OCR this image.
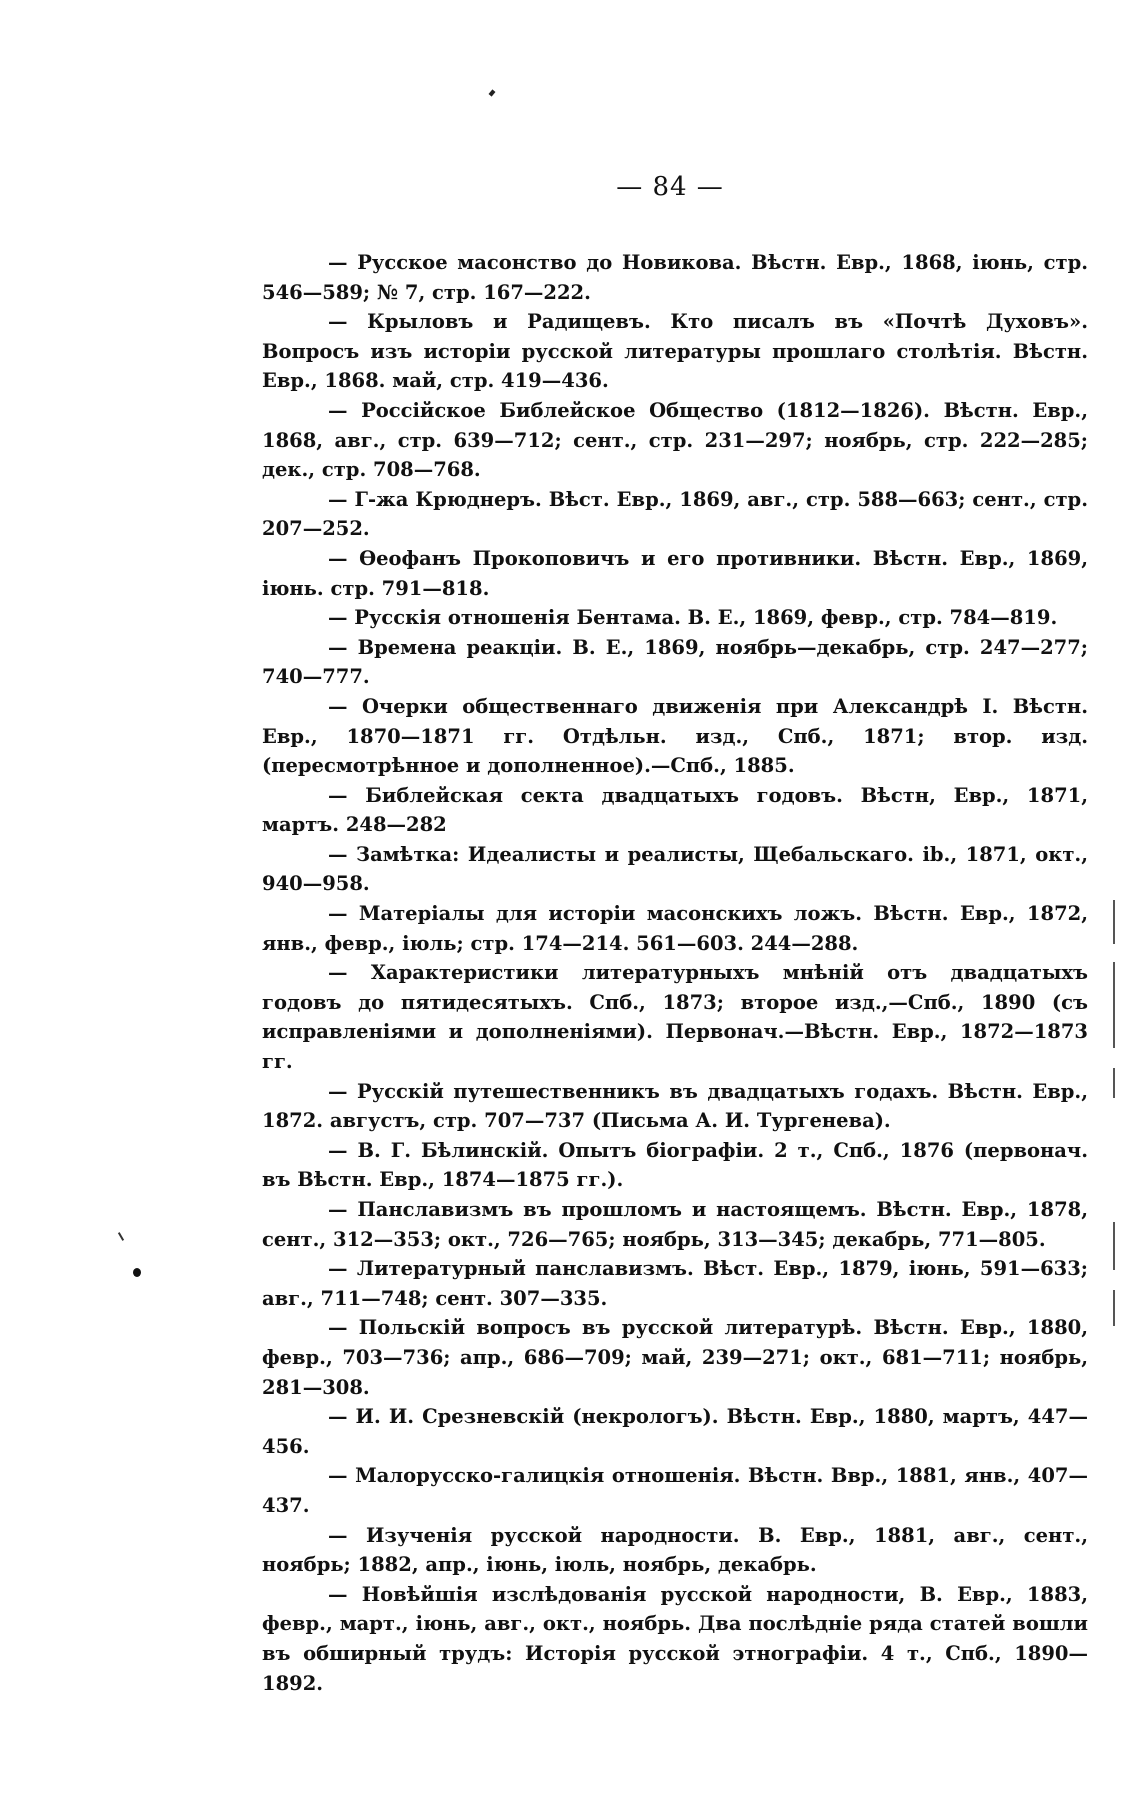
— 84 —

— Русское масонство до Новикова. Вѣстн. Евр., 1868, іюнь, стр. 546—589; № 7, стр. 167—222.

— Крыловъ и Радищевъ. Кто писалъ въ «Почтѣ Духовъ». Вопросъ изъ исторіи русской литературы прошлаго столѣтія. Вѣстн. Евр., 1868. май, стр. 419—436.

— Россійское Библейское Общество (1812—1826). Вѣстн. Евр., 1868, авг., стр. 639—712; сент., стр. 231—297; ноябрь, стр. 222—285; дек., стр. 708—768.

— Г-жа Крюднеръ. Вѣст. Евр., 1869, авг., стр. 588—663; сент., стр. 207—252.

— Ѳеофанъ Прокоповичъ и его противники. Вѣстн. Евр., 1869, іюнь. стр. 791—818.

— Русскія отношенія Бентама. В. Е., 1869, февр., стр. 784—819.

— Времена реакціи. В. Е., 1869, ноябрь—декабрь, стр. 247—277; 740—777.

— Очерки общественнаго движенія при Александрѣ I. Вѣстн. Евр., 1870—1871 гг. Отдѣльн. изд., Спб., 1871; втор. изд. (пересмотрѣнное и дополненное).—Спб., 1885.

— Библейская секта двадцатыхъ годовъ. Вѣстн, Евр., 1871, мартъ. 248—282

— Замѣтка: Идеалисты и реалисты, Щебальскаго. ib., 1871, окт., 940—958.

— Матеріалы для исторіи масонскихъ ложъ. Вѣстн. Евр., 1872, янв., февр., іюль; стр. 174—214. 561—603. 244—288.

— Характеристики литературныхъ мнѣній отъ двадцатыхъ годовъ до пятидесятыхъ. Спб., 1873; второе изд.,—Спб., 1890 (съ исправленіями и дополненіями). Первонач.—Вѣстн. Евр., 1872—1873 гг.

— Русскій путешественникъ въ двадцатыхъ годахъ. Вѣстн. Евр., 1872. августъ, стр. 707—737 (Письма А. И. Тургенева).

— В. Г. Бѣлинскій. Опытъ біографіи. 2 т., Спб., 1876 (первонач. въ Вѣстн. Евр., 1874—1875 гг.).

— Панславизмъ въ прошломъ и настоящемъ. Вѣстн. Евр., 1878, сент., 312—353; окт., 726—765; ноябрь, 313—345; декабрь, 771—805.

— Литературный панславизмъ. Вѣст. Евр., 1879, іюнь, 591—633; авг., 711—748; сент. 307—335.

— Польскій вопросъ въ русской литературѣ. Вѣстн. Евр., 1880, февр., 703—736; апр., 686—709; май, 239—271; окт., 681—711; ноябрь, 281—308.

— И. И. Срезневскій (некрологъ). Вѣстн. Евр., 1880, мартъ, 447—456.

— Малорусско-галицкія отношенія. Вѣстн. Ввр., 1881, янв., 407—437.

— Изученія русской народности. В. Евр., 1881, авг., сент., ноябрь; 1882, апр., іюнь, іюль, ноябрь, декабрь.

— Новѣйшія изслѣдованія русской народности, В. Евр., 1883, февр., март., іюнь, авг., окт., ноябрь. Два послѣдніе ряда статей вошли въ обширный трудъ: Исторія русской этнографіи. 4 т., Спб., 1890—1892.
